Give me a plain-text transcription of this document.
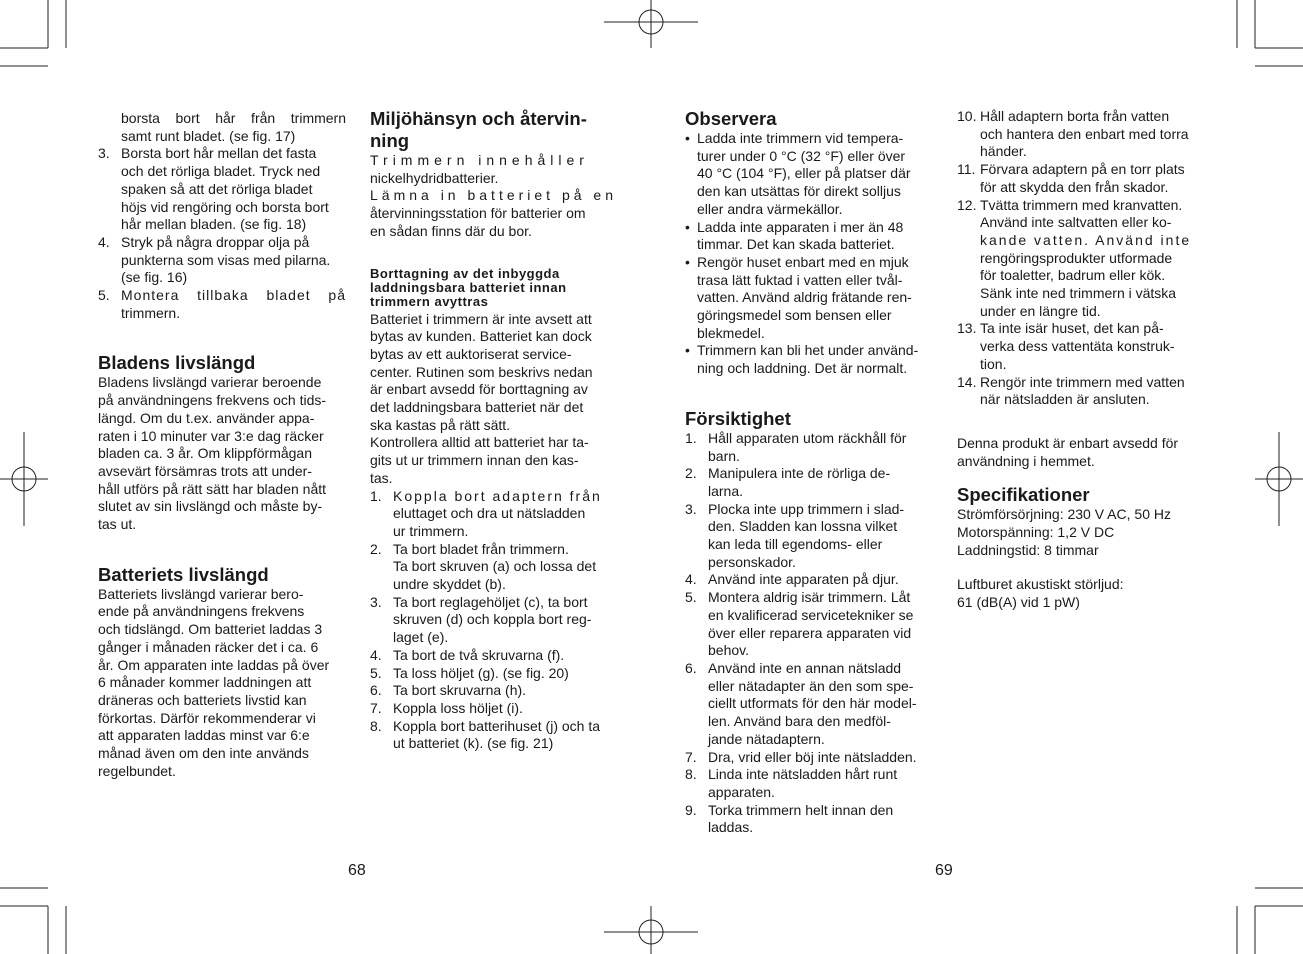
borsta bort hår från trimmern
samt runt bladet. (se fig. 17)
3. Borsta bort hår mellan det fasta
och det rörliga bladet. Tryck ned
spaken så att det rörliga bladet
höjs vid rengöring och borsta bort
hår mellan bladen. (se fig. 18)
4. Stryk på några droppar olja på
punkterna som visas med pilarna.
(se fig. 16)
5. Montera tillbaka bladet på
trimmern.
Bladens livslängd
Bladens livslängd varierar beroende
på användningens frekvens och tids-
längd. Om du t.ex. använder appa-
raten i 10 minuter var 3:e dag räcker
bladen ca. 3 år. Om klippförmågan
avsevärt försämras trots att under-
håll utförs på rätt sätt har bladen nått
slutet av sin livslängd och måste by-
tas ut.
Batteriets livslängd
Batteriets livslängd varierar bero-
ende på användningens frekvens
och tidslängd. Om batteriet laddas 3
gånger i månaden räcker det i ca. 6
år. Om apparaten inte laddas på över
6 månader kommer laddningen att
dräneras och batteriets livstid kan
förkortas. Därför rekommenderar vi
att apparaten laddas minst var 6:e
månad även om den inte används
regelbundet.
Miljöhänsyn och återvin-
ning
Trimmern innehåller
nickelhydridbatterier.
Lämna in batteriet på en
återvinningsstation för batterier om
en sådan finns där du bor.
Borttagning av det inbyggda
laddningsbara batteriet innan
trimmern avyttras
Batteriet i trimmern är inte avsett att
bytas av kunden. Batteriet kan dock
bytas av ett auktoriserat service-
center. Rutinen som beskrivs nedan
är enbart avsedd för borttagning av
det laddningsbara batteriet när det
ska kastas på rätt sätt.
Kontrollera alltid att batteriet har ta-
gits ut ur trimmern innan den kas-
tas.
1. Koppla bort adaptern från
eluttaget och dra ut nätsladden
ur trimmern.
2. Ta bort bladet från trimmern.
Ta bort skruven (a) och lossa det
undre skyddet (b).
3. Ta bort reglagehöljet (c), ta bort
skruven (d) och koppla bort reg-
laget (e).
4. Ta bort de två skruvarna (f).
5. Ta loss höljet (g). (se fig. 20)
6. Ta bort skruvarna (h).
7. Koppla loss höljet (i).
8. Koppla bort batterihuset (j) och ta
ut batteriet (k). (se fig. 21)
68
Observera
• Ladda inte trimmern vid tempera-
turer under 0 °C (32 °F) eller över
40 °C (104 °F), eller på platser där
den kan utsättas för direkt solljus
eller andra värmekällor.
• Ladda inte apparaten i mer än 48
timmar. Det kan skada batteriet.
• Rengör huset enbart med en mjuk
trasa lätt fuktad i vatten eller tvål-
vatten. Använd aldrig frätande ren-
göringsmedel som bensen eller
blekmedel.
• Trimmern kan bli het under använd-
ning och laddning. Det är normalt.
Försiktighet
1. Håll apparaten utom räckhåll för
barn.
2. Manipulera inte de rörliga de-
larna.
3. Plocka inte upp trimmern i slad-
den. Sladden kan lossna vilket
kan leda till egendoms- eller
personskador.
4. Använd inte apparaten på djur.
5. Montera aldrig isär trimmern. Låt
en kvalificerad servicetekniker se
över eller reparera apparaten vid
behov.
6. Använd inte en annan nätsladd
eller nätadapter än den som spe-
ciellt utformats för den här model-
len. Använd bara den medföl-
jande nätadaptern.
7. Dra, vrid eller böj inte nätsladden.
8. Linda inte nätsladden hårt runt
apparaten.
9. Torka trimmern helt innan den
laddas.
69
10. Håll adaptern borta från vatten
och hantera den enbart med torra
händer.
11. Förvara adaptern på en torr plats
för att skydda den från skador.
12. Tvätta trimmern med kranvatten.
Använd inte saltvatten eller ko-
kande vatten. Använd inte
rengöringsprodukter utformade
för toaletter, badrum eller kök.
Sänk inte ned trimmern i vätska
under en längre tid.
13. Ta inte isär huset, det kan på-
verka dess vattentäta konstruk-
tion.
14. Rengör inte trimmern med vatten
när nätsladden är ansluten.
Denna produkt är enbart avsedd för
användning i hemmet.
Specifikationer
Strömförsörjning: 230 V AC, 50 Hz
Motorspänning: 1,2 V DC
Laddningstid: 8 timmar
Luftburet akustiskt störljud:
61 (dB(A) vid 1 pW)
